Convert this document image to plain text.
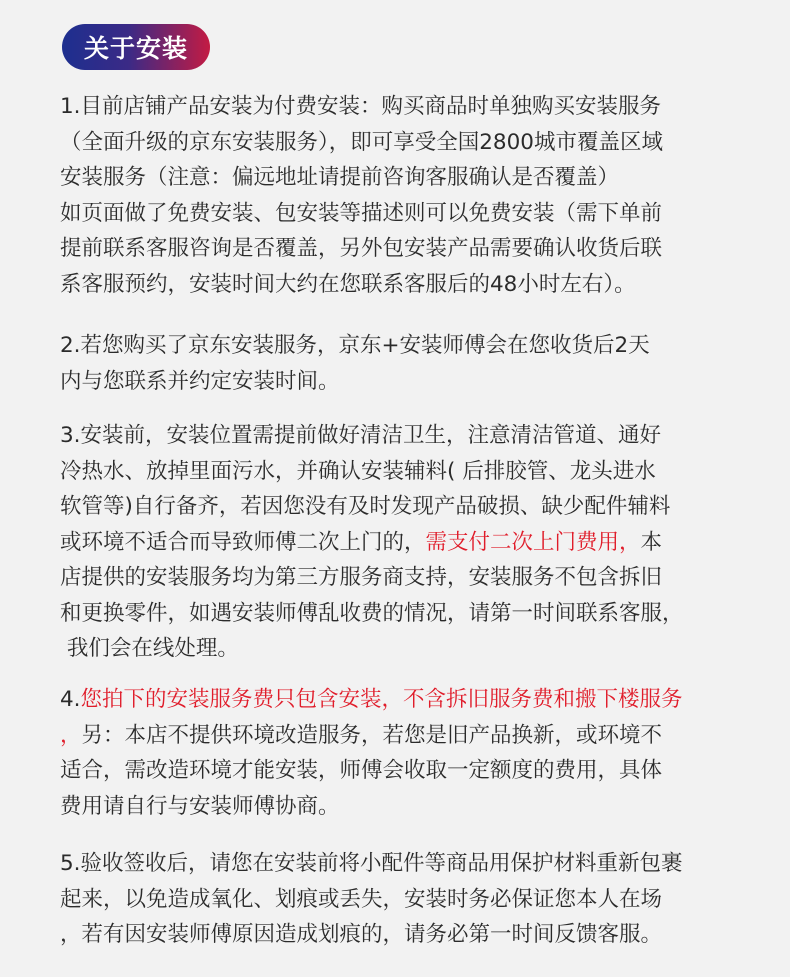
关于安装
1.目前店铺产品安装为付费安装：购买商品时单独购买安装服务
（全面升级的京东安装服务），即可享受全国2800城市覆盖区域
安装服务（注意：偏远地址请提前咨询客服确认是否覆盖）
如页面做了免费安装、包安装等描述则可以免费安装（需下单前
提前联系客服咨询是否覆盖，另外包安装产品需要确认收货后联
系客服预约，安装时间大约在您联系客服后的48小时左右）。
2.若您购买了京东安装服务，京东+安装师傅会在您收货后2天
内与您联系并约定安装时间。
3.安装前，安装位置需提前做好清洁卫生，注意清洁管道、通好
冷热水、放掉里面污水，并确认安装辅料( 后排胶管、龙头进水
软管等)自行备齐，若因您没有及时发现产品破损、缺少配件辅料
或环境不适合而导致师傅二次上门的，需支付二次上门费用，本
店提供的安装服务均为第三方服务商支持，安装服务不包含拆旧
和更换零件，如遇安装师傅乱收费的情况，请第一时间联系客服，
我们会在线处理。
4.您拍下的安装服务费只包含安装，不含拆旧服务费和搬下楼服务
，另：本店不提供环境改造服务，若您是旧产品换新，或环境不
适合，需改造环境才能安装，师傅会收取一定额度的费用，具体
费用请自行与安装师傅协商。
5.验收签收后，请您在安装前将小配件等商品用保护材料重新包裹
起来，以免造成氧化、划痕或丢失，安装时务必保证您本人在场
，若有因安装师傅原因造成划痕的，请务必第一时间反馈客服。
